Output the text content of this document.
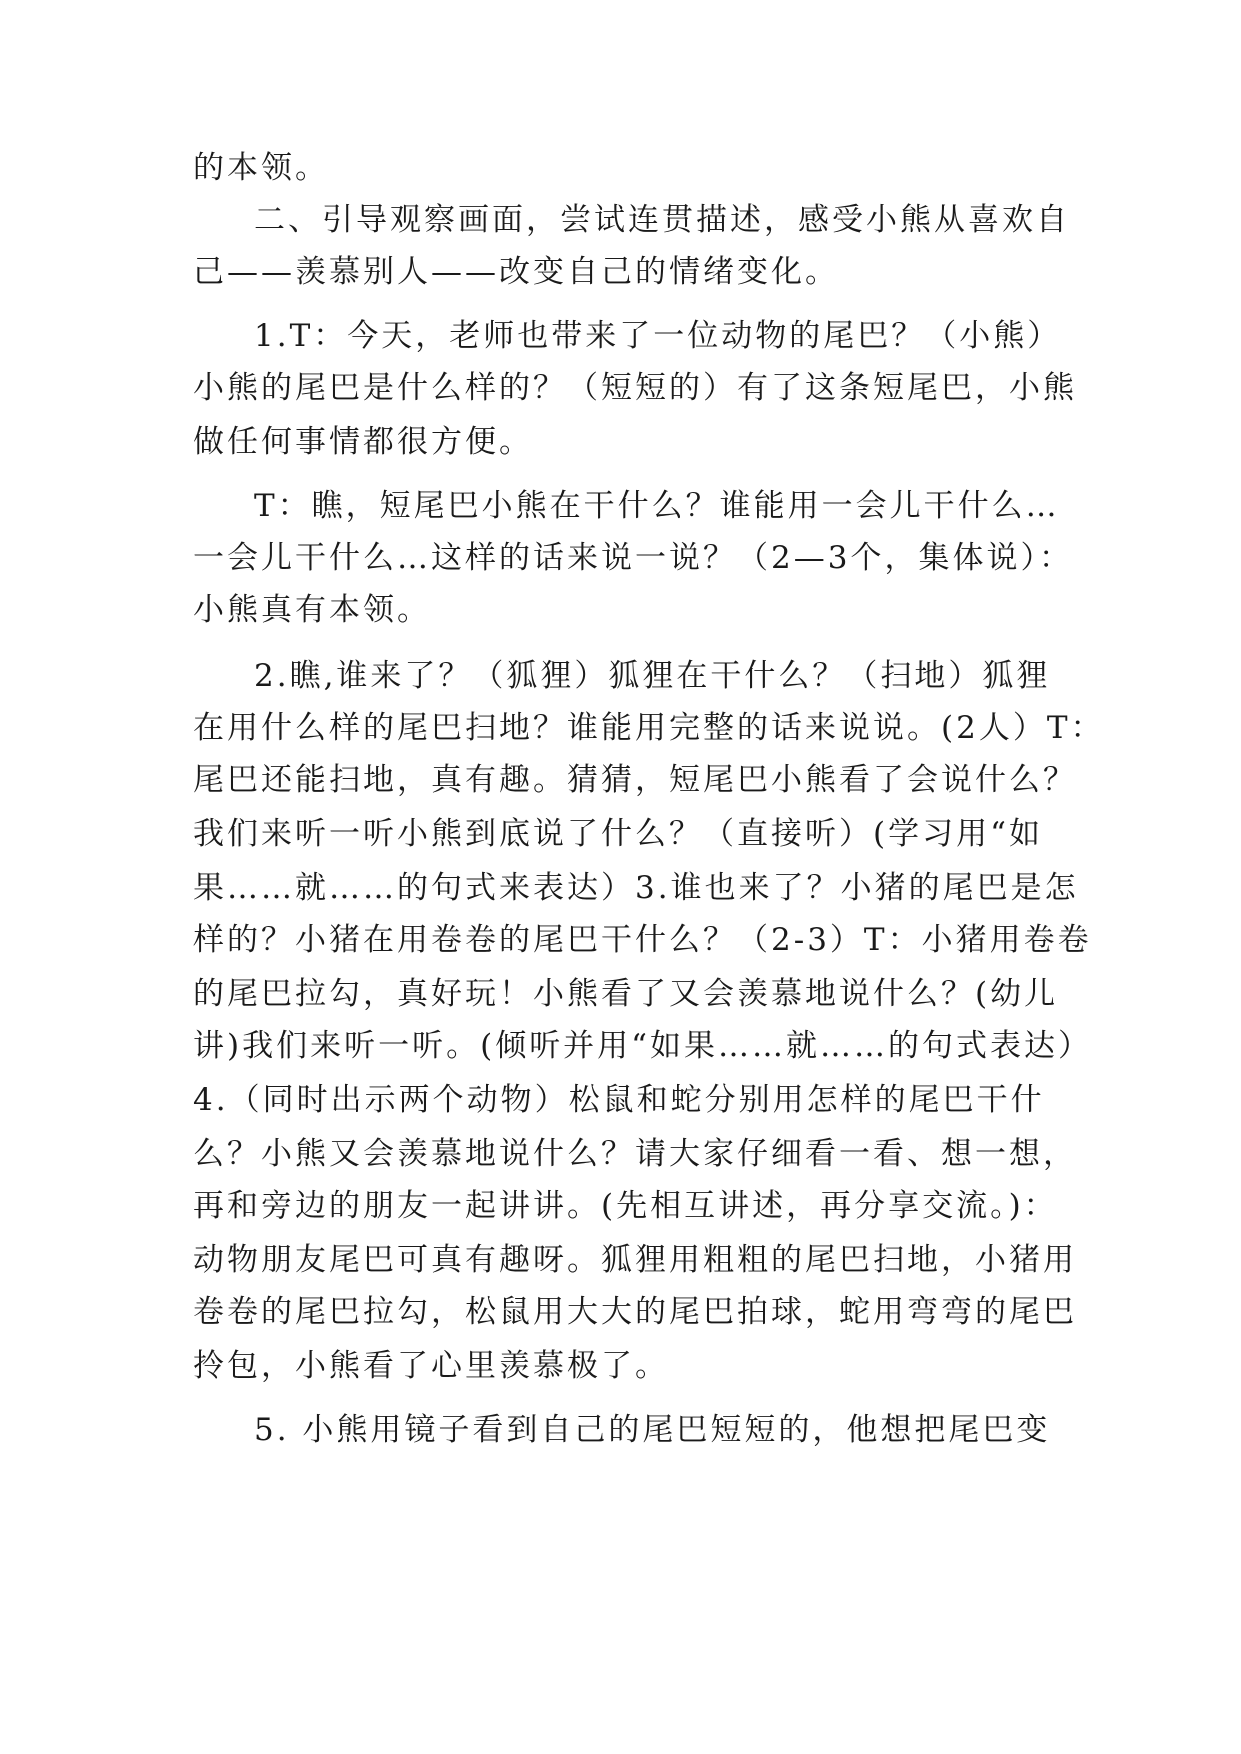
的本领。
二、引导观察画面，尝试连贯描述，感受小熊从喜欢自
己——羡慕别人——改变自己的情绪变化。
1.T：今天，老师也带来了一位动物的尾巴？（小熊）
小熊的尾巴是什么样的？（短短的）有了这条短尾巴，小熊
做任何事情都很方便。
T：瞧，短尾巴小熊在干什么？谁能用一会儿干什么…
一会儿干什么…这样的话来说一说？（2—3个，集体说）：
小熊真有本领。
2.瞧,谁来了？（狐狸）狐狸在干什么？（扫地）狐狸
在用什么样的尾巴扫地？谁能用完整的话来说说。(2人）T：
尾巴还能扫地，真有趣。猜猜，短尾巴小熊看了会说什么？
我们来听一听小熊到底说了什么？（直接听）(学习用“如
果……就……的句式来表达）3.谁也来了？小猪的尾巴是怎
样的？小猪在用卷卷的尾巴干什么？（2-3）T：小猪用卷卷
的尾巴拉勾，真好玩！小熊看了又会羡慕地说什么？(幼儿
讲)我们来听一听。(倾听并用“如果……就……的句式表达）
4.（同时出示两个动物）松鼠和蛇分别用怎样的尾巴干什
么？小熊又会羡慕地说什么？请大家仔细看一看、想一想，
再和旁边的朋友一起讲讲。(先相互讲述，再分享交流。)：
动物朋友尾巴可真有趣呀。狐狸用粗粗的尾巴扫地，小猪用
卷卷的尾巴拉勾，松鼠用大大的尾巴拍球，蛇用弯弯的尾巴
拎包，小熊看了心里羡慕极了。
5. 小熊用镜子看到自己的尾巴短短的，他想把尾巴变
